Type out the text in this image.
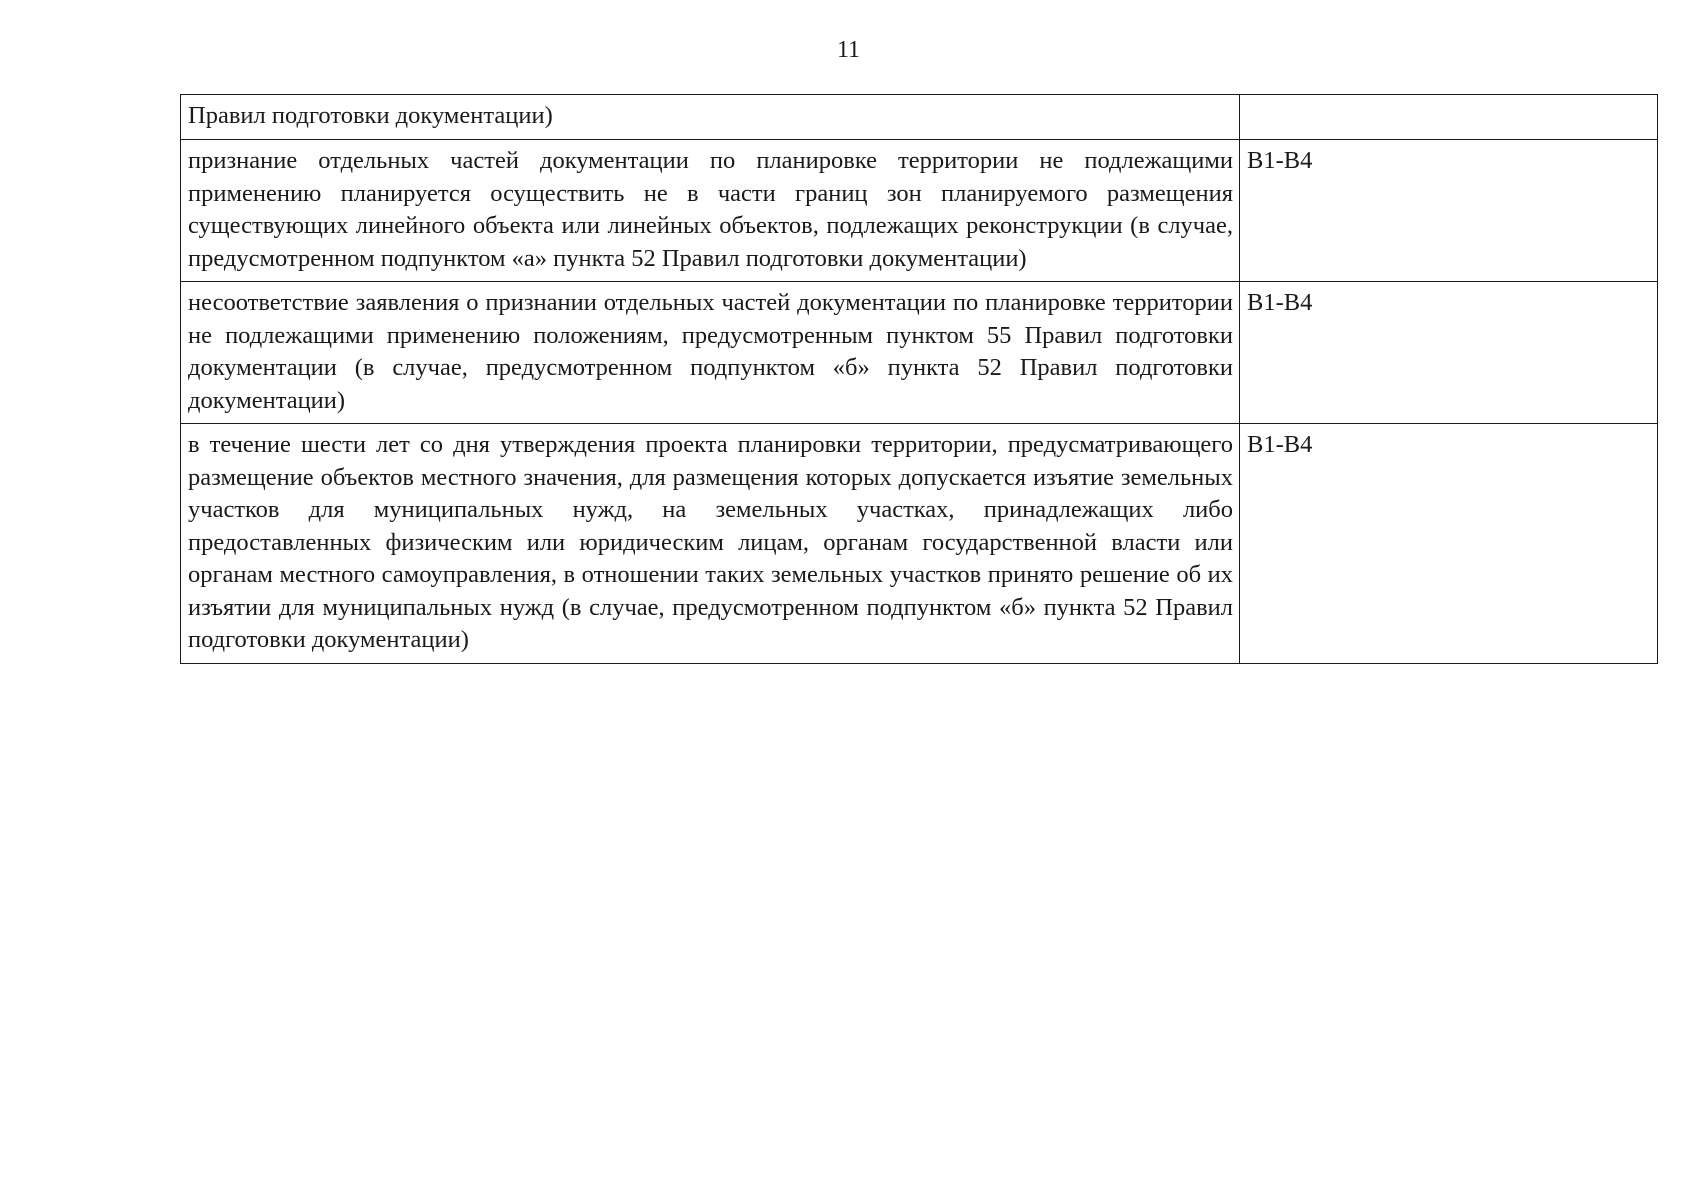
11
Правил подготовки документации)	
признание отдельных частей документации по планировке территории не подлежащими применению планируется осуществить не в части границ зон планируемого размещения существующих линейного объекта или линейных объектов, подлежащих реконструкции (в случае, предусмотренном подпунктом «а» пункта 52 Правил подготовки документации)	В1-В4
несоответствие заявления о признании отдельных частей документации по планировке территории не подлежащими применению положениям, предусмотренным пунктом 55 Правил подготовки документации (в случае, предусмотренном подпунктом «б» пункта 52 Правил подготовки документации)	В1-В4
в течение шести лет со дня утверждения проекта планировки территории, предусматривающего размещение объектов местного значения, для размещения которых допускается изъятие земельных участков для муниципальных нужд, на земельных участках, принадлежащих либо предоставленных физическим или юридическим лицам, органам государственной власти или органам местного самоуправления, в отношении таких земельных участков принято решение об их изъятии для муниципальных нужд (в случае, предусмотренном подпунктом «б» пункта 52 Правил подготовки документации)	В1-В4
